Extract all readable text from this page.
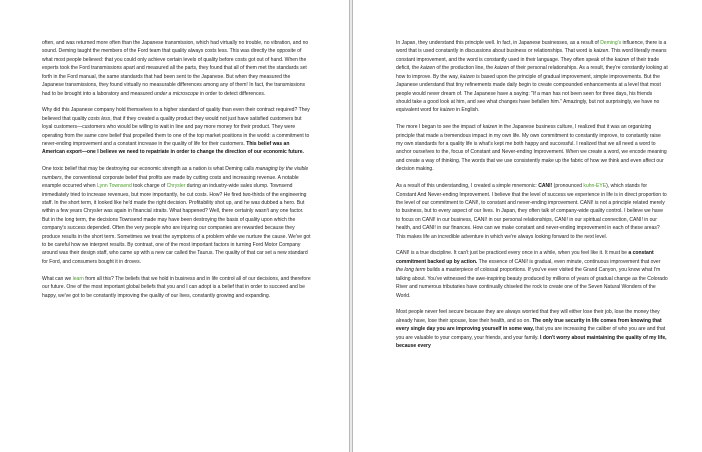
often, and was returned more often than the Japanese transmission, which had virtually no trouble, no vibration, and no sound. Deming taught the members of the Ford team that quality always costs less. This was directly the opposite of what most people believed: that you could only achieve certain levels of quality before costs got out of hand. When the experts took the Ford transmissions apart and measured all the parts, they found that all of them met the standards set forth in the Ford manual, the same standards that had been sent to the Japanese. But when they measured the Japanese transmissions, they found virtually no measurable differences among any of them! In fact, the transmissions had to be brought into a laboratory and measured under a microscope in order to detect differences.

Why did this Japanese company hold themselves to a higher standard of quality than even their contract required? They believed that quality costs less, that if they created a quality product they would not just have satisfied customers but loyal customers—customers who would be willing to wait in line and pay more money for their product. They were operating from the same core belief that propelled them to one of the top market positions in the world: a commitment to never-ending improvement and a constant increase in the quality of life for their customers. This belief was an American export—one I believe we need to repatriate in order to change the direction of our economic future.

One toxic belief that may be destroying our economic strength as a nation is what Deming calls managing by the visible numbers, the conventional corporate belief that profits are made by cutting costs and increasing revenue. A notable example occurred when Lynn Townsend took charge of Chrysler during an industry-wide sales slump. Townsend immediately tried to increase revenues, but more importantly, he cut costs. How? He fired two-thirds of the engineering staff. In the short term, it looked like he'd made the right decision. Profitability shot up, and he was dubbed a hero. But within a few years Chrysler was again in financial straits. What happened? Well, there certainly wasn't any one factor. But in the long term, the decisions Townsend made may have been destroying the basis of quality upon which the company's success depended. Often the very people who are injuring our companies are rewarded because they produce results in the short term. Sometimes we treat the symptoms of a problem while we nurture the cause. We've got to be careful how we interpret results. By contrast, one of the most important factors in turning Ford Motor Company around was their design staff, who came up with a new car called the Taurus. The quality of that car set a new standard for Ford, and consumers bought it in droves.

What can we learn from all this? The beliefs that we hold in business and in life control all of our decisions, and therefore our future. One of the most important global beliefs that you and I can adopt is a belief that in order to succeed and be happy, we've got to be constantly improving the quality of our lives, constantly growing and expanding.

In Japan, they understand this principle well. In fact, in Japanese businesses, as a result of Deming's influence, there is a word that is used constantly in discussions about business or relationships. That word is kaizen. This word literally means constant improvement, and the word is constantly used in their language. They often speak of the kaizen of their trade deficit, the kaizen of the production line, the kaizen of their personal relationships. As a result, they're constantly looking at how to improve. By the way, kaizen is based upon the principle of gradual improvement, simple improvements. But the Japanese understand that tiny refinements made daily begin to create compounded enhancements at a level that most people would never dream of. The Japanese have a saying: "If a man has not been seen for three days, his friends should take a good look at him, and see what changes have befallen him." Amazingly, but not surprisingly, we have no equivalent word for kaizen in English.

The more I began to see the impact of kaizen in the Japanese business culture, I realized that it was an organizing principle that made a tremendous impact in my own life. My own commitment to constantly improve, to constantly raise my own standards for a quality life is what's kept me both happy and successful. I realized that we all need a word to anchor ourselves to the, focus of Constant and Never-ending Improvement. When we create a word, we encode meaning and create a way of thinking. The words that we use consistently make up the fabric of how we think and even affect our decision making.

As a result of this understanding, I created a simple mnemonic: CANI! (pronounced kuhn-EYE), which stands for Constant And Never-ending Improvement. I believe that the level of success we experience in life is in direct proportion to the level of our commitment to CANI!, to constant and never-ending improvement. CANI! is not a principle related merely to business, but to every aspect of our lives. In Japan, they often talk of company-wide quality control. I believe we have to focus on CANI! in our business, CANI! in our personal relationships, CANI! in our spiritual connection, CANI! in our health, and CANI! in our finances. How can we make constant and never-ending improvement in each of these areas? This makes life an incredible adventure in which we're always looking forward to the next level.

CANI! is a true discipline. It can't just be practiced every once in a while, when you feel like it. It must be a constant commitment backed up by action. The essence of CANI! is gradual, even minute, continuous improvement that over the long term builds a masterpiece of colossal proportions. If you've ever visited the Grand Canyon, you know what I'm talking about. You've witnessed the awe-inspiring beauty produced by millions of years of gradual change as the Colorado River and numerous tributaries have continually chiseled the rock to create one of the Seven Natural Wonders of the World.

Most people never feel secure because they are always worried that they will either lose their job, lose the money they already have, lose their spouse, lose their health, and so on. The only true security in life comes from knowing that every single day you are improving yourself in some way, that you are increasing the caliber of who you are and that you are valuable to your company, your friends, and your family. I don't worry about maintaining the quality of my life, because every
